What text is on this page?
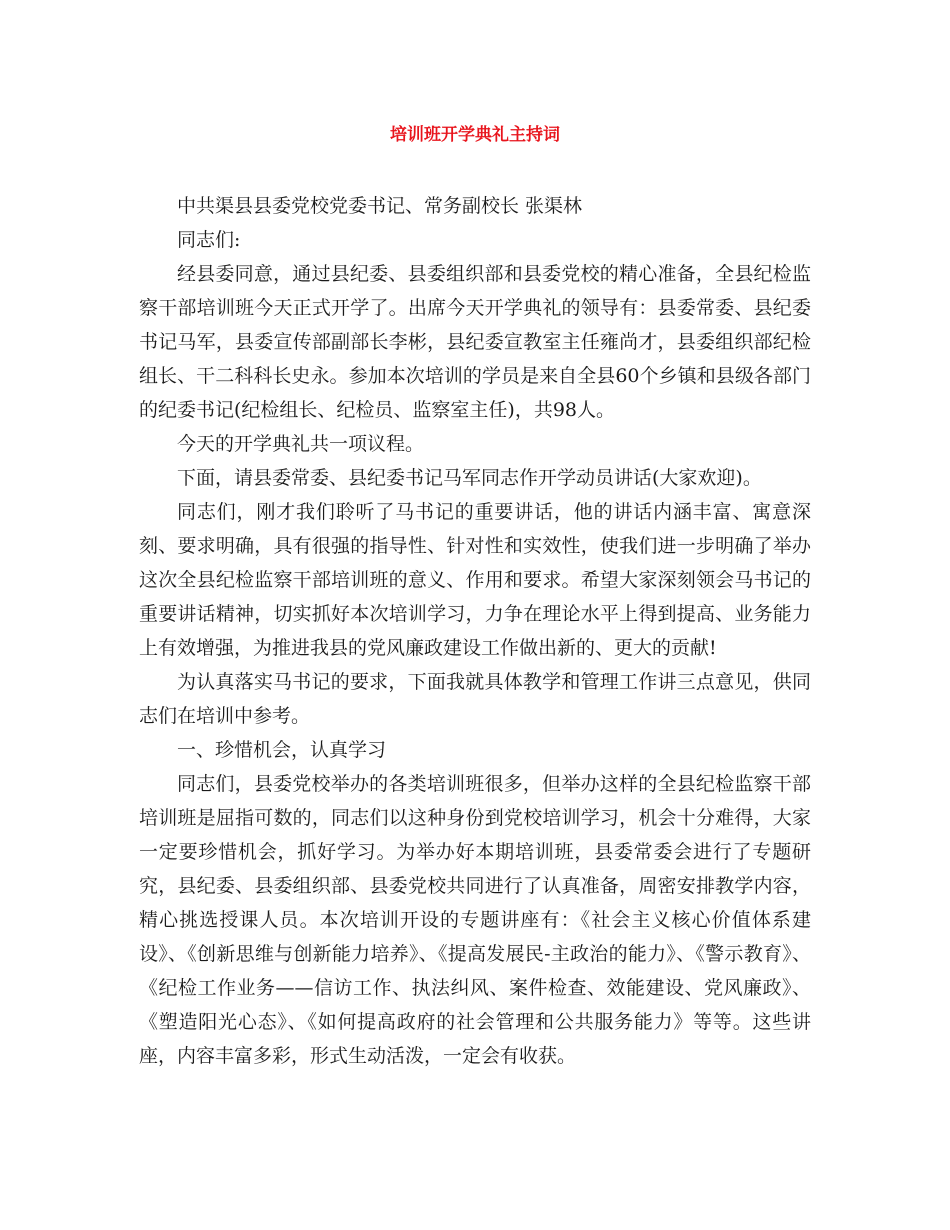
培训班开学典礼主持词

中共渠县县委党校党委书记、常务副校长 张渠林

同志们:

经县委同意，通过县纪委、县委组织部和县委党校的精心准备，全县纪检监察干部培训班今天正式开学了。出席今天开学典礼的领导有：县委常委、县纪委书记马军，县委宣传部副部长李彬，县纪委宣教室主任雍尚才，县委组织部纪检组长、干二科科长史永。参加本次培训的学员是来自全县60个乡镇和县级各部门的纪委书记(纪检组长、纪检员、监察室主任)，共98人。

今天的开学典礼共一项议程。

下面，请县委常委、县纪委书记马军同志作开学动员讲话(大家欢迎)。

同志们，刚才我们聆听了马书记的重要讲话，他的讲话内涵丰富、寓意深刻、要求明确，具有很强的指导性、针对性和实效性，使我们进一步明确了举办这次全县纪检监察干部培训班的意义、作用和要求。希望大家深刻领会马书记的重要讲话精神，切实抓好本次培训学习，力争在理论水平上得到提高、业务能力上有效增强，为推进我县的党风廉政建设工作做出新的、更大的贡献!

为认真落实马书记的要求，下面我就具体教学和管理工作讲三点意见，供同志们在培训中参考。

一、珍惜机会，认真学习

同志们，县委党校举办的各类培训班很多，但举办这样的全县纪检监察干部培训班是屈指可数的，同志们以这种身份到党校培训学习，机会十分难得，大家一定要珍惜机会，抓好学习。为举办好本期培训班，县委常委会进行了专题研究，县纪委、县委组织部、县委党校共同进行了认真准备，周密安排教学内容，精心挑选授课人员。本次培训开设的专题讲座有：《社会主义核心价值体系建设》、《创新思维与创新能力培养》、《提高发展民-主政治的能力》、《警示教育》、《纪检工作业务——信访工作、执法纠风、案件检查、效能建设、党风廉政》、《塑造阳光心态》、《如何提高政府的社会管理和公共服务能力》等等。这些讲座，内容丰富多彩，形式生动活泼，一定会有收获。
